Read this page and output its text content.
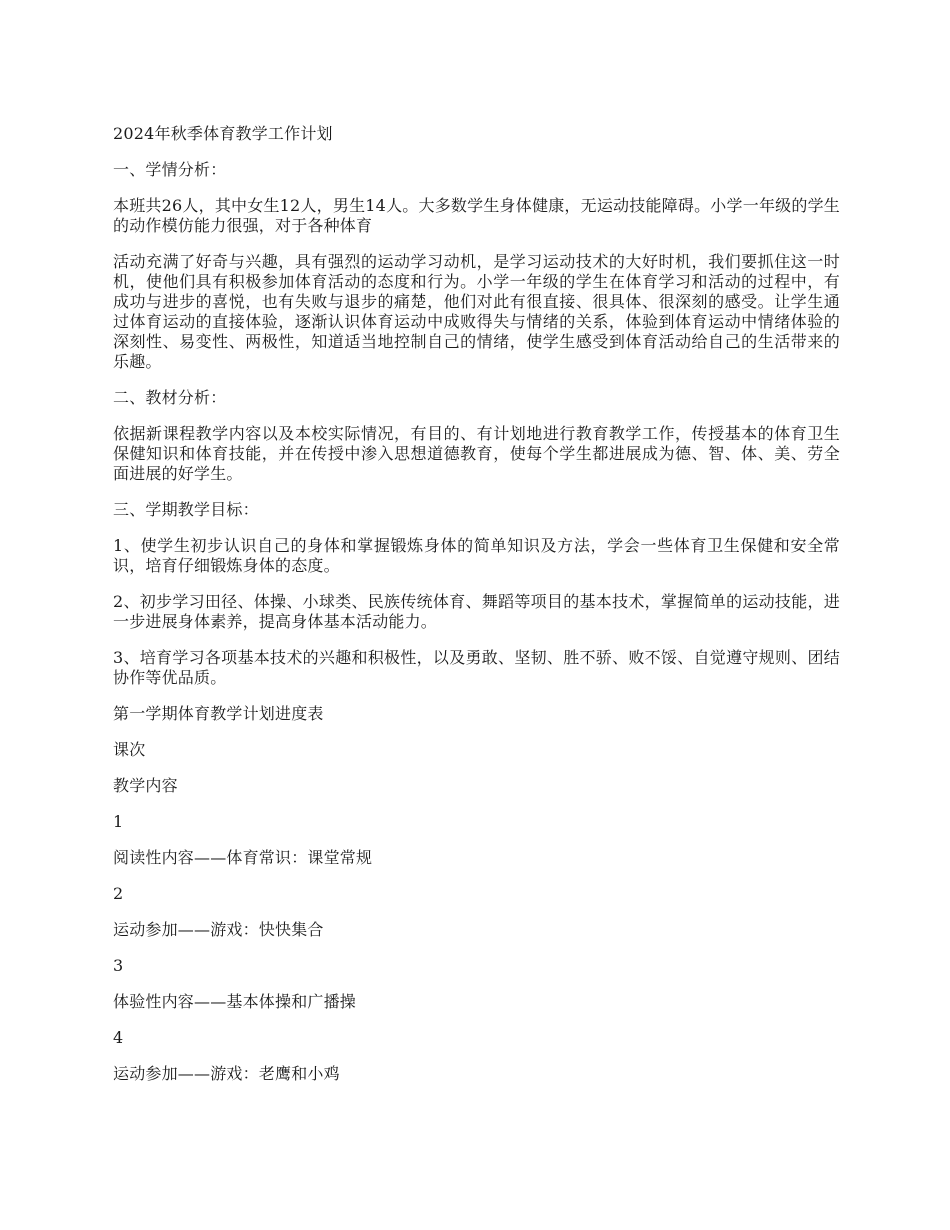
2024年秋季体育教学工作计划

一、学情分析：

本班共26人，其中女生12人，男生14人。大多数学生身体健康，无运动技能障碍。小学一年级的学生的动作模仿能力很强，对于各种体育

活动充满了好奇与兴趣，具有强烈的运动学习动机，是学习运动技术的大好时机，我们要抓住这一时机，使他们具有积极参加体育活动的态度和行为。小学一年级的学生在体育学习和活动的过程中，有成功与进步的喜悦，也有失败与退步的痛楚，他们对此有很直接、很具体、很深刻的感受。让学生通过体育运动的直接体验，逐渐认识体育运动中成败得失与情绪的关系，体验到体育运动中情绪体验的深刻性、易变性、两极性，知道适当地控制自己的情绪，使学生感受到体育活动给自己的生活带来的乐趣。

二、教材分析：

依据新课程教学内容以及本校实际情况，有目的、有计划地进行教育教学工作，传授基本的体育卫生保健知识和体育技能，并在传授中渗入思想道德教育，使每个学生都进展成为德、智、体、美、劳全面进展的好学生。

三、学期教学目标：

1、使学生初步认识自己的身体和掌握锻炼身体的简单知识及方法，学会一些体育卫生保健和安全常识，培育仔细锻炼身体的态度。

2、初步学习田径、体操、小球类、民族传统体育、舞蹈等项目的基本技术，掌握简单的运动技能，进一步进展身体素养，提高身体基本活动能力。

3、培育学习各项基本技术的兴趣和积极性，以及勇敢、坚韧、胜不骄、败不馁、自觉遵守规则、团结协作等优品质。

第一学期体育教学计划进度表

课次

教学内容

1

阅读性内容——体育常识：课堂常规

2

运动参加——游戏：快快集合

3

体验性内容——基本体操和广播操

4

运动参加——游戏：老鹰和小鸡
